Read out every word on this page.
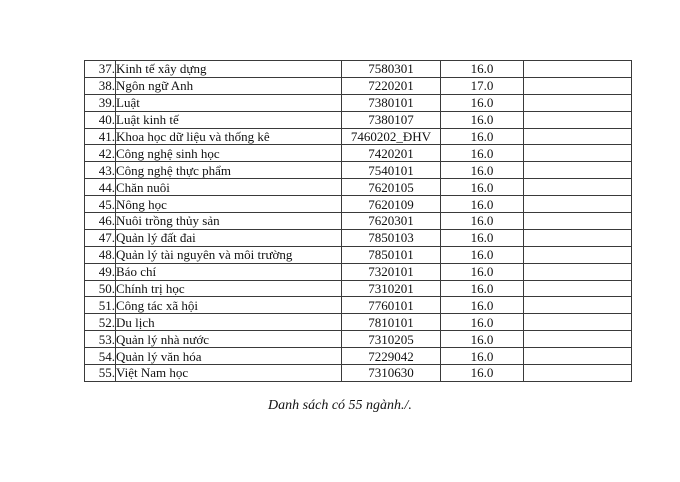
37.	Kinh tế xây dựng	7580301	16.0	
38.	Ngôn ngữ Anh	7220201	17.0	
39.	Luật	7380101	16.0	
40.	Luật kinh tế	7380107	16.0	
41.	Khoa học dữ liệu và thống kê	7460202_ĐHV	16.0	
42.	Công nghệ sinh học	7420201	16.0	
43.	Công nghệ thực phẩm	7540101	16.0	
44.	Chăn nuôi	7620105	16.0	
45.	Nông học	7620109	16.0	
46.	Nuôi trồng thủy sản	7620301	16.0	
47.	Quản lý đất đai	7850103	16.0	
48.	Quản lý tài nguyên và môi trường	7850101	16.0	
49.	Báo chí	7320101	16.0	
50.	Chính trị học	7310201	16.0	
51.	Công tác xã hội	7760101	16.0	
52.	Du lịch	7810101	16.0	
53.	Quản lý nhà nước	7310205	16.0	
54.	Quản lý văn hóa	7229042	16.0	
55.	Việt Nam học	7310630	16.0	
Danh sách có 55 ngành./.
